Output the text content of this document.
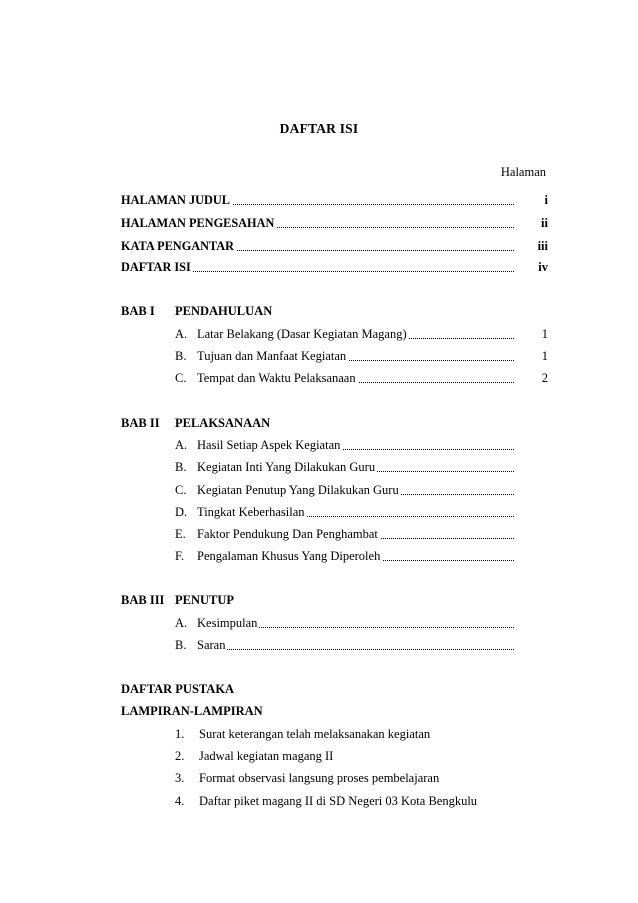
DAFTAR ISI
Halaman
HALAMAN JUDUL	i
HALAMAN PENGESAHAN	ii
KATA PENGANTAR	iii
DAFTAR ISI	iv
BAB I PENDAHULUAN
A. Latar Belakang (Dasar Kegiatan Magang)	1
B. Tujuan dan Manfaat Kegiatan	1
C. Tempat dan Waktu Pelaksanaan	2
BAB II PELAKSANAAN
A. Hasil Setiap Aspek Kegiatan
B. Kegiatan Inti Yang Dilakukan Guru
C. Kegiatan Penutup Yang Dilakukan Guru
D. Tingkat Keberhasilan
E. Faktor Pendukung Dan Penghambat
F. Pengalaman Khusus Yang Diperoleh
BAB III PENUTUP
A. Kesimpulan
B. Saran
DAFTAR PUSTAKA
LAMPIRAN-LAMPIRAN
1. Surat keterangan telah melaksanakan kegiatan
2. Jadwal kegiatan magang II
3. Format observasi langsung proses pembelajaran
4. Daftar piket magang II di SD Negeri 03 Kota Bengkulu
